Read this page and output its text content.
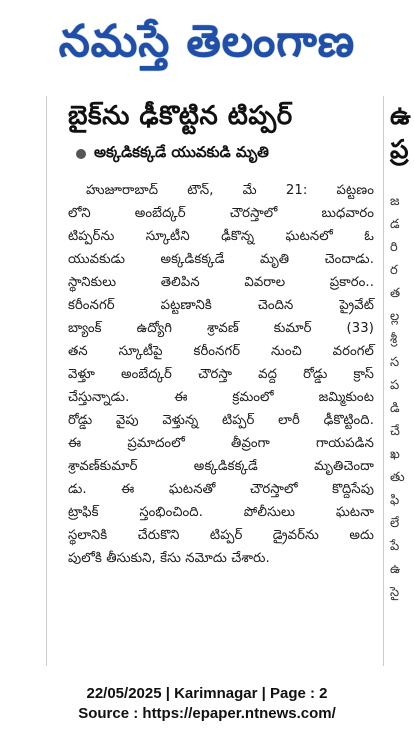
నమస్తే తెలంగాణ
బైక్‌ను ఢీకొట్టిన టిప్పర్
అక్కడికక్కడే యువకుడి మృతి
హుజూరాబాద్ టౌన్, మే 21: పట్టణం
లోని అంబేద్కర్ చౌరస్తాలో బుధవారం
టిప్పర్‌ను స్కూటీని ఢీకొన్న ఘటనలో ఓ
యువకుడు అక్కడికక్కడే మృతి చెందాడు.
స్థానికులు తెలిపిన వివరాల ప్రకారం..
కరీంనగర్ పట్టణానికి చెందిన ప్రైవేట్
బ్యాంక్ ఉద్యోగి శ్రావణ్ కుమార్ (33)
తన స్కూటీపై కరీంనగర్ నుంచి వరంగల్
వెళ్తూ అంబేద్కర్ చౌరస్తా వద్ద రోడ్డు క్రాస్
చేస్తున్నాడు. ఈ క్రమంలో జమ్మికుంట
రోడ్డు వైపు వెళ్తున్న టిప్పర్ లారీ ఢీకొట్టింది.
ఈ ప్రమాదంలో తీవ్రంగా గాయపడిన
శ్రావణ్‌కుమార్ అక్కడికక్కడే మృతిచెందా
డు. ఈ ఘటనతో చౌరస్తాలో కొద్దిసేపు
ట్రాఫిక్ స్తంభించింది. పోలీసులు ఘటనా
స్థలానికి చేరుకొని టిప్పర్ డ్రైవర్‌ను అదు
పులోకి తీసుకుని, కేసు నమోదు చేశారు.
ఉ
ప్ర
జ
డ
రి
ర
త
ల్ల
శ్రీ
స
ప
డి
చే
ఖ
తు
ఫి
లే
పే
ఉ
సై
22/05/2025 | Karimnagar | Page : 2
Source : https://epaper.ntnews.com/
